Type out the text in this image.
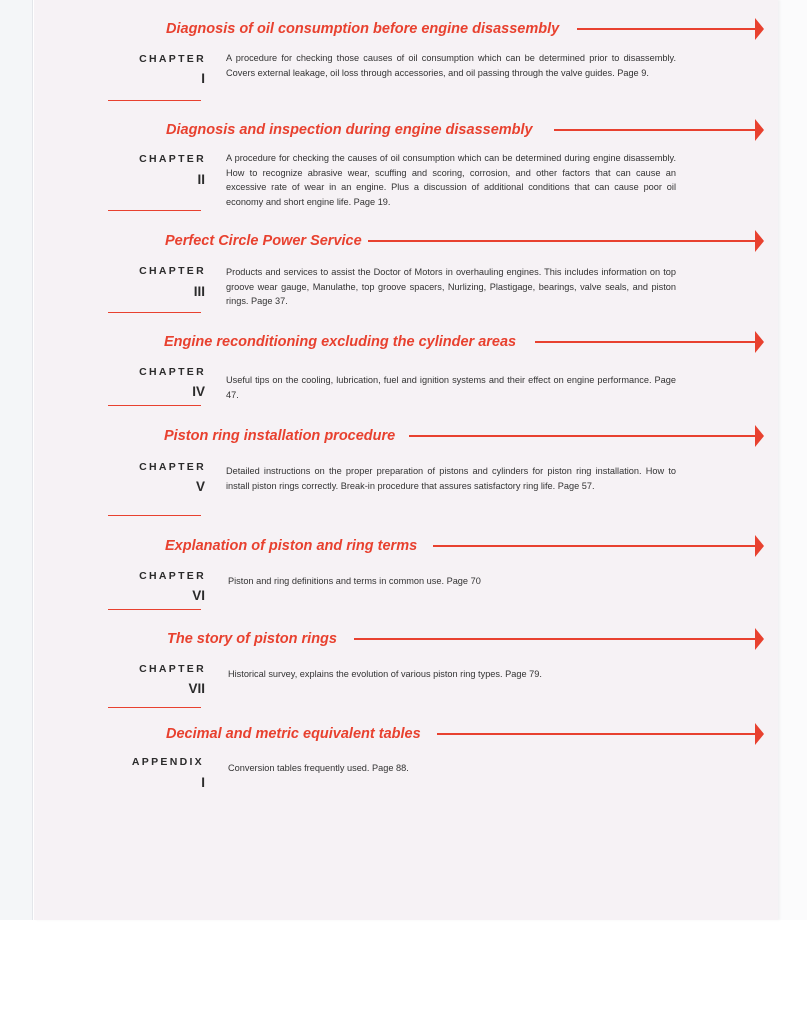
Diagnosis of oil consumption before engine disassembly
CHAPTER
I
A procedure for checking those causes of oil consumption which can be determined prior to disassembly. Covers external leakage, oil loss through accessories, and oil passing through the valve guides. Page 9.
Diagnosis and inspection during engine disassembly
CHAPTER
II
A procedure for checking the causes of oil consumption which can be determined during engine disassembly. How to recognize abrasive wear, scuffing and scoring, corrosion, and other factors that can cause an excessive rate of wear in an engine. Plus a discussion of additional conditions that can cause poor oil economy and short engine life. Page 19.
Perfect Circle Power Service
CHAPTER
III
Products and services to assist the Doctor of Motors in overhauling engines. This includes information on top groove wear gauge, Manulathe, top groove spacers, Nurlizing, Plastigage, bearings, valve seals, and piston rings. Page 37.
Engine reconditioning excluding the cylinder areas
CHAPTER
IV
Useful tips on the cooling, lubrication, fuel and ignition systems and their effect on engine performance. Page 47.
Piston ring installation procedure
CHAPTER
V
Detailed instructions on the proper preparation of pistons and cylinders for piston ring installation. How to install piston rings correctly. Break-in procedure that assures satisfactory ring life. Page 57.
Explanation of piston and ring terms
CHAPTER
VI
Piston and ring definitions and terms in common use. Page 70
The story of piston rings
CHAPTER
VII
Historical survey, explains the evolution of various piston ring types. Page 79.
Decimal and metric equivalent tables
APPENDIX
I
Conversion tables frequently used. Page 88.
